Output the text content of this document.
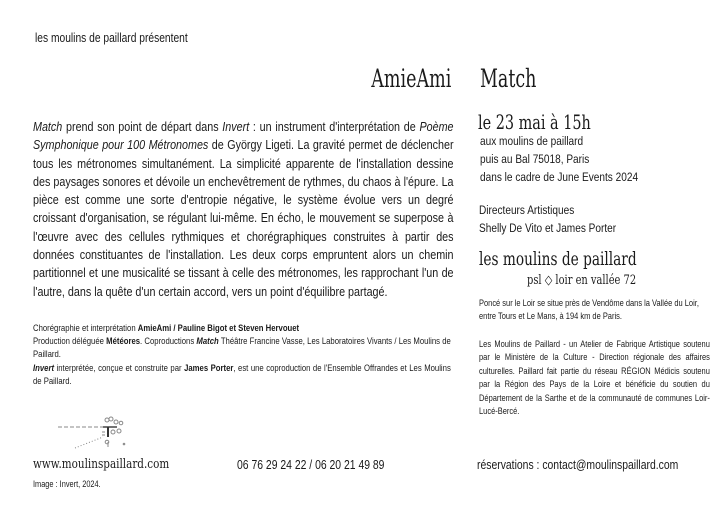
les moulins de paillard présentent
AmieAmi Match
Match prend son point de départ dans Invert : un instrument d'interprétation de Poème Symphonique pour 100 Métronomes de György Ligeti. La gravité permet de déclencher tous les métronomes simultanément. La simplicité apparente de l'installation dessine des paysages sonores et dévoile un enchevêtrement de rythmes, du chaos à l'épure. La pièce est comme une sorte d'entropie négative, le système évolue vers un degré croissant d'organisation, se régulant lui-même. En écho, le mouvement se superpose à l'œuvre avec des cellules rythmiques et chorégraphiques construites à partir des données constituantes de l'installation. Les deux corps empruntent alors un chemin partitionnel et une musicalité se tissant à celle des métronomes, les rapprochant l'un de l'autre, dans la quête d'un certain accord, vers un point d'équilibre partagé.

Chorégraphie et interprétation AmieAmi / Pauline Bigot et Steven Hervouet

Production déléguée Météores. Coproductions Match Théâtre Francine Vasse, Les Laboratoires Vivants / Les Moulins de Paillard.

Invert interprétée, conçue et construite par James Porter, est une coproduction de l'Ensemble Offrandes et Les Moulins de Paillard.

www.moulinspaillard.com
Image : Invert, 2024.
06 76 29 24 22 / 06 20 21 49 89	réservations : contact@moulinspaillard.com
le 23 mai à 15h
aux moulins de paillard
puis au Bal 75018, Paris
dans le cadre de June Events 2024
Directeurs Artistiques
Shelly De Vito et James Porter
les moulins de paillard
psl ◇ loir en vallée 72
Poncé sur le Loir se situe près de Vendôme dans la Vallée du Loir, entre Tours et Le Mans, à 194 km de Paris.
Les Moulins de Paillard - un Atelier de Fabrique Artistique soutenu par le Ministère de la Culture - Direction régionale des affaires culturelles. Paillard fait partie du réseau RÉGION Médicis soutenu par la Région des Pays de la Loire et bénéficie du soutien du Département de la Sarthe et de la communauté de communes Loir-Lucé-Bercé.
